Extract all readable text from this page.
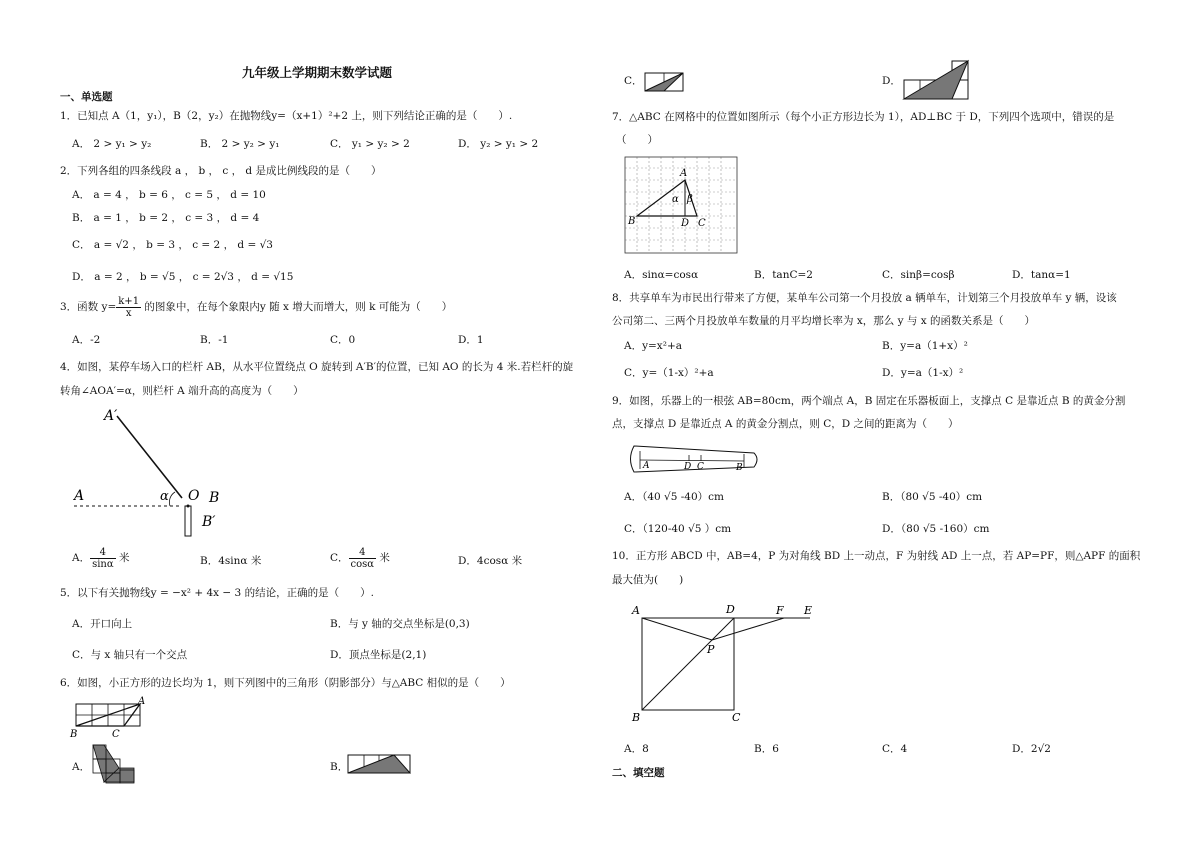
九年级上学期期末数学试题
一、单选题
1．已知点 A（1，y₁），B（2，y₂）在抛物线y=（x+1）²+2 上，则下列结论正确的是（　　）.
A． 2 > y₁ > y₂	B． 2 > y₂ > y₁	C． y₁ > y₂ > 2	D． y₂ > y₁ > 2
2．下列各组的四条线段 a ， b ， c ， d 是成比例线段的是（　　）
A． a = 4 ， b = 6 ， c = 5 ， d = 10
B． a = 1 ， b = 2 ， c = 3 ， d = 4
C． a = √2 ， b = 3 ， c = 2 ， d = √3
D． a = 2 ， b = √5 ， c = 2√3 ， d = √15
3．函数 $y= \frac{k+1}{x}$ 的图象中，在每个象限内y 随 x 增大而增大，则 k 可能为（　　）
A．-2	B．-1	C．0	D．1
4．如图，某停车场入口的栏杆 AB，从水平位置绕点 O 旋转到 A′B′的位置，已知 AO 的长为 4 米.若栏杆的旋
转角∠AOA′=α，则栏杆 A 端升高的高度为（　　）
A′
A	α O B
B′
A． $\frac{4}{\sin\alpha}$ 米	B．4sinα 米	C． $\frac{4}{\cos\alpha}$ 米	D．4cosα 米
5．以下有关抛物线y = −x² + 4x − 3 的结论，正确的是（　　）.
A．开口向上	B．与 y 轴的交点坐标是(0,3)
C．与 x 轴只有一个交点	D．顶点坐标是(2,1)
6．如图，小正方形的边长均为 1，则下列图中的三角形（阴影部分）与△ABC 相似的是（　　）
A
B	C
A．	B．
C．	D．
7．△ABC 在网格中的位置如图所示（每个小正方形边长为 1），AD⊥BC 于 D，下列四个选项中，错误的是
（　　）
A
α β
B	D C
A．sinα=cosα	B．tanC=2	C．sinβ=cosβ	D．tanα=1
8．共享单车为市民出行带来了方便，某单车公司第一个月投放 a 辆单车，计划第三个月投放单车 y 辆，设该
公司第二、三两个月投放单车数量的月平均增长率为 x，那么 y 与 x 的函数关系是（　　）
A．y=x²+a	B．y=a（1+x）²
C．y=（1-x）²+a	D．y=a（1-x）²
9．如图，乐器上的一根弦 AB=80cm，两个端点 A，B 固定在乐器板面上，支撑点 C 是靠近点 B 的黄金分割
点，支撑点 D 是靠近点 A 的黄金分割点，则 C，D 之间的距离为（　　）
A	D C	B
A．（40 √5 -40）cm	B．（80 √5 -40）cm
C．（120-40 √5 ）cm	D．（80 √5 -160）cm
10．正方形 ABCD 中，AB=4，P 为对角线 BD 上一动点，F 为射线 AD 上一点，若 AP=PF，则△APF 的面积
最大值为(　　)
A	D	F E
P
B	C
A．8	B．6	C．4	D．2√2
二、填空题
